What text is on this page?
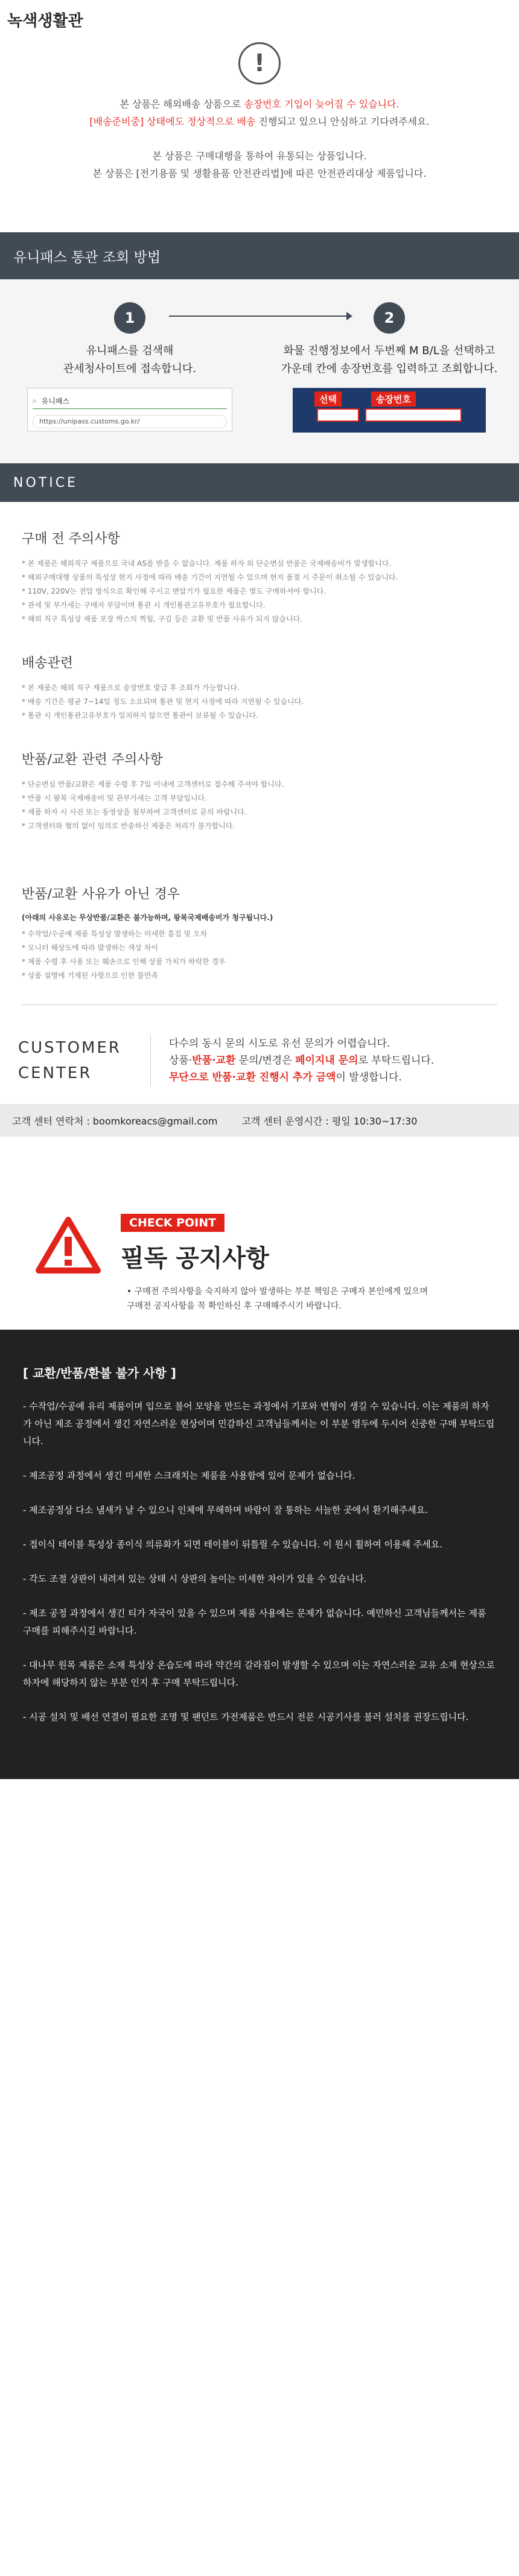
녹색생활관
!

본 상품은 해외배송 상품으로 송장번호 기입이 늦어질 수 있습니다.

[배송준비중] 상태에도 정상적으로 배송 진행되고 있으니 안심하고 기다려주세요.

본 상품은 구매대행을 통하여 유통되는 상품입니다.

본 상품은 [전기용품 및 생활용품 안전관리법]에 따른 안전관리대상 제품입니다.

유니패스 통관 조회 방법
1
유니패스를 검색해
관세청사이트에 접속합니다.
⌕ 유니패스
https://unipass.customs.go.kr/
2
화물 진행정보에서 두번째 M B/L을 선택하고
가운데 칸에 송장번호를 입력하고 조회합니다.
선택	송장번호
NOTICE
구매 전 주의사항

* 본 제품은 해외직구 제품으로 국내 AS를 받을 수 없습니다. 제품 하자 외 단순변심 반품은 국제배송비가 발생합니다.

* 해외구매대행 상품의 특성상 현지 사정에 따라 배송 기간이 지연될 수 있으며 현지 품절 시 주문이 취소될 수 있습니다.

* 110V, 220V는 전압 방식으로 확인해 주시고 변압기가 필요한 제품은 별도 구매하셔야 합니다.

* 관세 및 부가세는 구매자 부담이며 통관 시 개인통관고유부호가 필요합니다.

* 해외 직구 특성상 제품 포장 박스의 찍힘, 구김 등은 교환 및 반품 사유가 되지 않습니다.

배송관련

* 본 제품은 해외 직구 제품으로 송장번호 발급 후 조회가 가능합니다.

* 배송 기간은 평균 7~14일 정도 소요되며 통관 및 현지 사정에 따라 지연될 수 있습니다.

* 통관 시 개인통관고유부호가 일치하지 않으면 통관이 보류될 수 있습니다.

반품/교환 관련 주의사항

* 단순변심 반품/교환은 제품 수령 후 7일 이내에 고객센터로 접수해 주셔야 합니다.

* 반품 시 왕복 국제배송비 및 관부가세는 고객 부담입니다.

* 제품 하자 시 사진 또는 동영상을 첨부하여 고객센터로 문의 바랍니다.

* 고객센터와 협의 없이 임의로 반송하신 제품은 처리가 불가합니다.

반품/교환 사유가 아닌 경우
(아래의 사유로는 무상반품/교환은 불가능하며, 왕복국제배송비가 청구됩니다.)

* 수작업/수공예 제품 특성상 발생하는 미세한 흠집 및 오차

* 모니터 해상도에 따라 발생하는 색상 차이

* 제품 수령 후 사용 또는 훼손으로 인해 상품 가치가 하락한 경우

* 상품 설명에 기재된 사항으로 인한 불만족

CUSTOMER
CENTER
다수의 동시 문의 시도로 유선 문의가 어렵습니다.
상품·반품·교환 문의/변경은 페이지내 문의로 부탁드립니다.
무단으로 반품·교환 진행시 추가 금액이 발생합니다.
고객 센터 연락처 : boomkoreacs@gmail.com	고객 센터 운영시간 : 평일 10:30~17:30
CHECK POINT
필독 공지사항
• 구매전 주의사항을 숙지하지 않아 발생하는 부분 책임은 구매자 본인에게 있으며
구매전 공지사항을 꼭 확인하신 후 구매해주시기 바랍니다.
[ 교환/반품/환불 불가 사항 ]

- 수작업/수공예 유리 제품이며 입으로 불어 모양을 만드는 과정에서 기포와 변형이 생길 수 있습니다. 이는 제품의 하자가 아닌 제조 공정에서 생긴 자연스러운 현상이며 민감하신 고객님들께서는 이 부분 염두에 두시어 신중한 구매 부탁드립니다.

- 제조공정 과정에서 생긴 미세한 스크래치는 제품을 사용함에 있어 문제가 없습니다.

- 제조공정상 다소 냄새가 날 수 있으니 인체에 무해하며 바람이 잘 통하는 서늘한 곳에서 환기해주세요.

- 접이식 테이블 특성상 종이식 의류화가 되면 테이블이 뒤틀릴 수 있습니다. 이 원시 휠하여 이용해 주세요.

- 각도 조절 상판이 내려져 있는 상태 시 상판의 높이는 미세한 차이가 있을 수 있습니다.

- 제조 공정 과정에서 생긴 티가 자국이 있을 수 있으며 제품 사용에는 문제가 없습니다. 예민하신 고객님들께서는 제품 구매를 피해주시길 바랍니다.

- 대나무 원목 제품은 소재 특성상 온습도에 따라 약간의 갈라짐이 발생할 수 있으며 이는 자연스러운 교유 소재 현상으로 하자에 해당하지 않는 부분 인지 후 구매 부탁드립니다.

- 시공 설치 및 배선 연결이 필요한 조명 및 팬던트 가전제품은 반드시 전문 시공기사를 불러 설치를 권장드립니다.
